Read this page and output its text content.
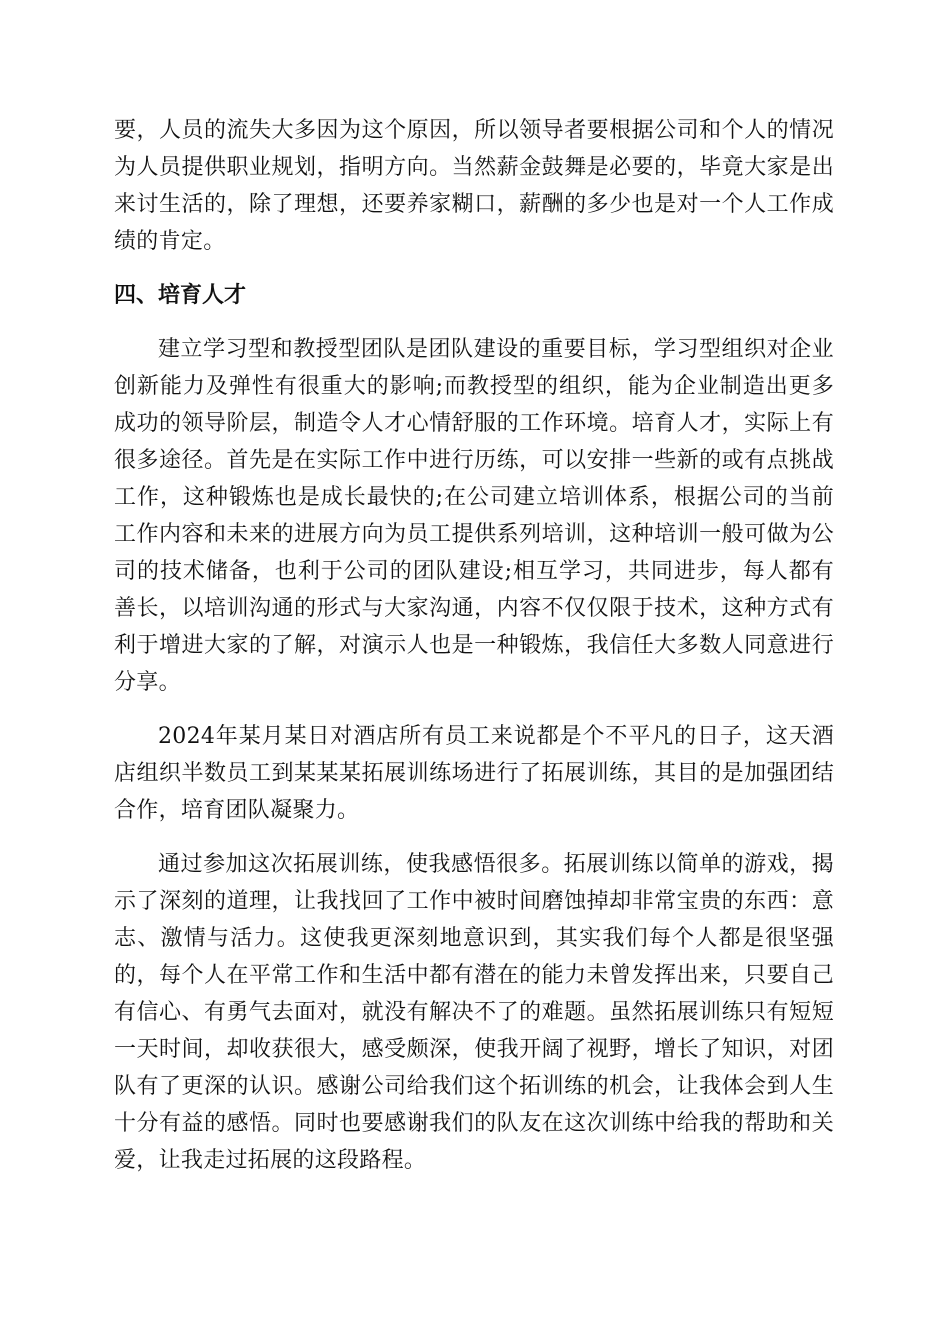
要，人员的流失大多因为这个原因，所以领导者要根据公司和个人的情况为人员提供职业规划，指明方向。当然薪金鼓舞是必要的，毕竟大家是出来讨生活的，除了理想，还要养家糊口，薪酬的多少也是对一个人工作成绩的肯定。

四、培育人才

建立学习型和教授型团队是团队建设的重要目标，学习型组织对企业创新能力及弹性有很重大的影响;而教授型的组织，能为企业制造出更多成功的领导阶层，制造令人才心情舒服的工作环境。培育人才，实际上有很多途径。首先是在实际工作中进行历练，可以安排一些新的或有点挑战工作，这种锻炼也是成长最快的;在公司建立培训体系，根据公司的当前工作内容和未来的进展方向为员工提供系列培训，这种培训一般可做为公司的技术储备，也利于公司的团队建设;相互学习，共同进步，每人都有善长，以培训沟通的形式与大家沟通，内容不仅仅限于技术，这种方式有利于增进大家的了解，对演示人也是一种锻炼，我信任大多数人同意进行分享。

2024年某月某日对酒店所有员工来说都是个不平凡的日子，这天酒店组织半数员工到某某某拓展训练场进行了拓展训练，其目的是加强团结合作，培育团队凝聚力。

通过参加这次拓展训练，使我感悟很多。拓展训练以简单的游戏，揭示了深刻的道理，让我找回了工作中被时间磨蚀掉却非常宝贵的东西：意志、激情与活力。这使我更深刻地意识到，其实我们每个人都是很坚强的，每个人在平常工作和生活中都有潜在的能力未曾发挥出来，只要自己有信心、有勇气去面对，就没有解决不了的难题。虽然拓展训练只有短短一天时间，却收获很大，感受颇深，使我开阔了视野，增长了知识，对团队有了更深的认识。感谢公司给我们这个拓训练的机会，让我体会到人生十分有益的感悟。同时也要感谢我们的队友在这次训练中给我的帮助和关爱，让我走过拓展的这段路程。
